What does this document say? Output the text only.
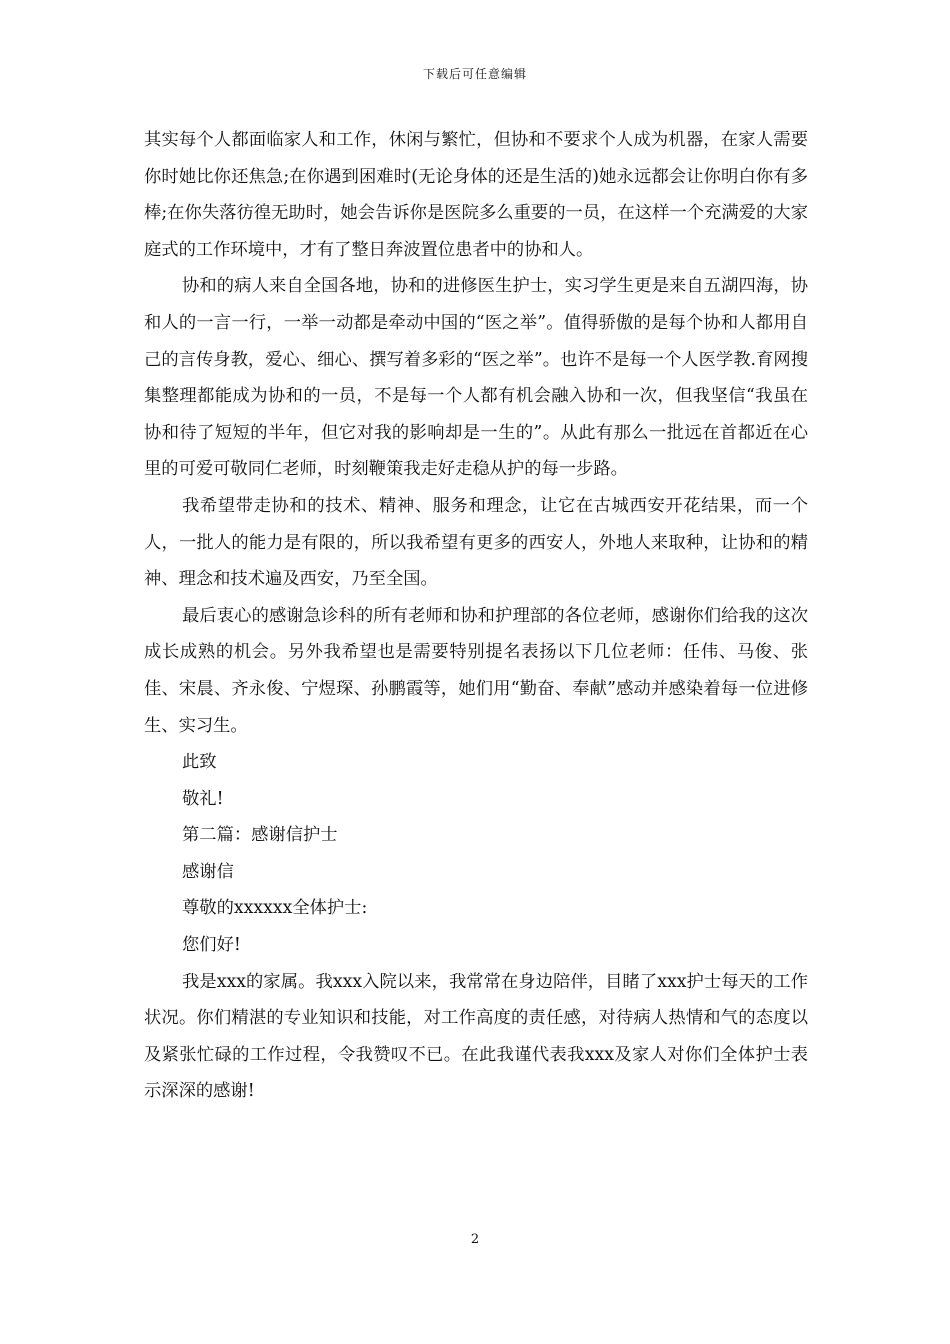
下载后可任意编辑

其实每个人都面临家人和工作，休闲与繁忙，但协和不要求个人成为机器，在家人需要你时她比你还焦急;在你遇到困难时(无论身体的还是生活的)她永远都会让你明白你有多棒;在你失落彷徨无助时，她会告诉你是医院多么重要的一员，在这样一个充满爱的大家庭式的工作环境中，才有了整日奔波置位患者中的协和人。

协和的病人来自全国各地，协和的进修医生护士，实习学生更是来自五湖四海，协和人的一言一行，一举一动都是牵动中国的“医之举”。值得骄傲的是每个协和人都用自己的言传身教，爱心、细心、撰写着多彩的“医之举”。也许不是每一个人医学教.育网搜集整理都能成为协和的一员，不是每一个人都有机会融入协和一次，但我坚信“我虽在协和待了短短的半年，但它对我的影响却是一生的”。从此有那么一批远在首都近在心里的可爱可敬同仁老师，时刻鞭策我走好走稳从护的每一步路。

我希望带走协和的技术、精神、服务和理念，让它在古城西安开花结果，而一个人，一批人的能力是有限的，所以我希望有更多的西安人，外地人来取种，让协和的精神、理念和技术遍及西安，乃至全国。

最后衷心的感谢急诊科的所有老师和协和护理部的各位老师，感谢你们给我的这次成长成熟的机会。另外我希望也是需要特别提名表扬以下几位老师：任伟、马俊、张佳、宋晨、齐永俊、宁煜琛、孙鹏霞等，她们用“勤奋、奉献”感动并感染着每一位进修生、实习生。

此致

敬礼!

第二篇：感谢信护士

感谢信

尊敬的xxxxxx全体护士:

您们好!

我是xxx的家属。我xxx入院以来，我常常在身边陪伴，目睹了xxx护士每天的工作状况。你们精湛的专业知识和技能，对工作高度的责任感，对待病人热情和气的态度以及紧张忙碌的工作过程，令我赞叹不已。在此我谨代表我xxx及家人对你们全体护士表示深深的感谢!

2
